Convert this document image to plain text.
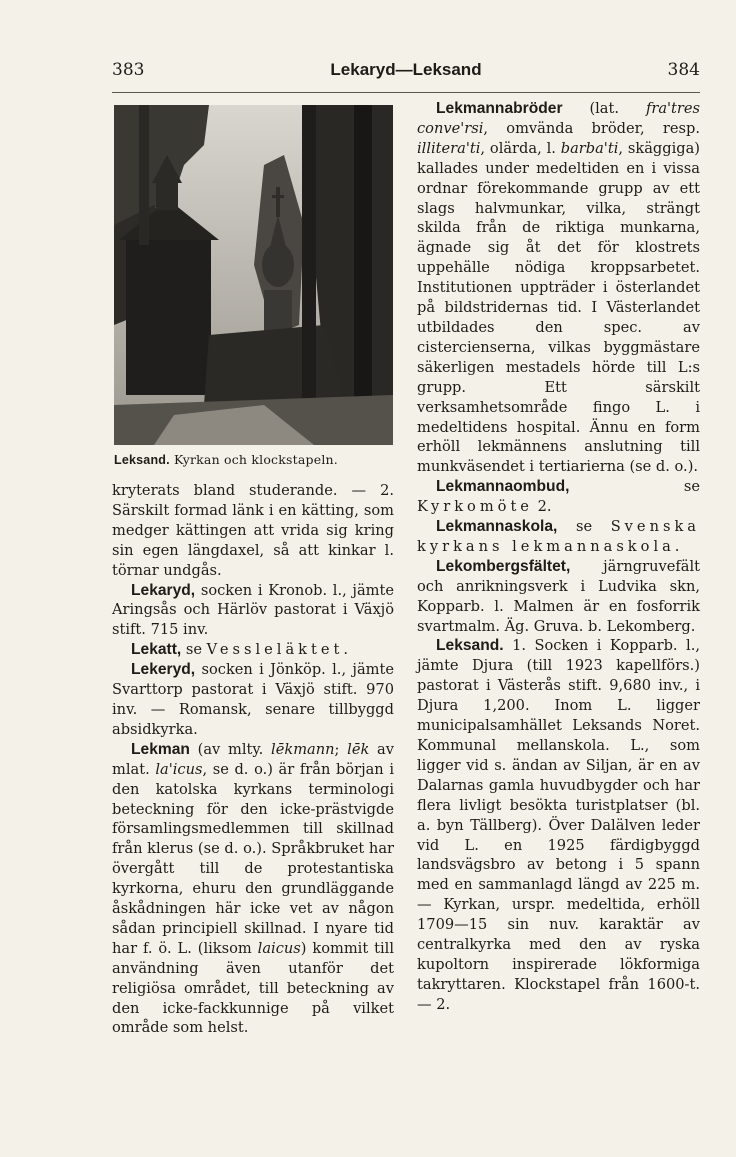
383	Lekaryd—Leksand	384
Leksand. Kyrkan och klockstapeln.

kryterats bland studerande. — 2. Särskilt formad länk i en kätting, som medger kättingen att vrida sig kring sin egen längdaxel, så att kinkar l. törnar undgås.

Lekaryd, socken i Kronob. l., jämte Aringsås och Härlöv pastorat i Växjö stift. 715 inv.

Lekatt, se Vessleläktet.

Lekeryd, socken i Jönköp. l., jämte Svarttorp pastorat i Växjö stift. 970 inv. — Romansk, senare tillbyggd absidkyrka.

Lekman (av mlty. lēkmann; lēk av mlat. la'icus, se d. o.) är från början i den katolska kyrkans terminologi beteckning för den icke-prästvigde församlingsmedlemmen till skillnad från klerus (se d. o.). Språkbruket har övergått till de protestantiska kyrkorna, ehuru den grundläggande åskådningen här icke vet av någon sådan principiell skillnad. I nyare tid har f. ö. L. (liksom laicus) kommit till användning även utanför det religiösa området, till beteckning av den icke-fackkunnige på vilket område som helst.

Lekmannabröder (lat. fra'tres conve'rsi, omvända bröder, resp. illitera'ti, olärda, l. barba'ti, skäggiga) kallades under medeltiden en i vissa ordnar förekommande grupp av ett slags halvmunkar, vilka, strängt skilda från de riktiga munkarna, ägnade sig åt det för klostrets uppehälle nödiga kroppsarbetet. Institutionen uppträder i österlandet på bildstridernas tid. I Västerlandet utbildades den spec. av cistercienserna, vilkas byggmästare säkerligen mestadels hörde till L:s grupp. Ett särskilt verksamhetsområde fingo L. i medeltidens hospital. Ännu en form erhöll lekmännens anslutning till munkväsendet i tertiarierna (se d. o.).

Lekmannaombud, se Kyrkomöte 2.

Lekmannaskola, se Svenska kyrkans lekmannaskola.

Lekombergsfältet, järngruvefält och anrikningsverk i Ludvika skn, Kopparb. l. Malmen är en fosforrik svartmalm. Äg. Gruva. b. Lekomberg.

Leksand. 1. Socken i Kopparb. l., jämte Djura (till 1923 kapellförs.) pastorat i Västerås stift. 9,680 inv., i Djura 1,200. Inom L. ligger municipalsamhället Leksands Noret. Kommunal mellanskola. L., som ligger vid s. ändan av Siljan, är en av Dalarnas gamla huvudbygder och har flera livligt besökta turistplatser (bl. a. byn Tällberg). Över Dalälven leder vid L. en 1925 färdigbyggd landsvägsbro av betong i 5 spann med en sammanlagd längd av 225 m. — Kyrkan, urspr. medeltida, erhöll 1709—15 sin nuv. karaktär av centralkyrka med den av ryska kupoltorn inspirerade lökformiga takryttaren. Klockstapel från 1600-t. — 2.
